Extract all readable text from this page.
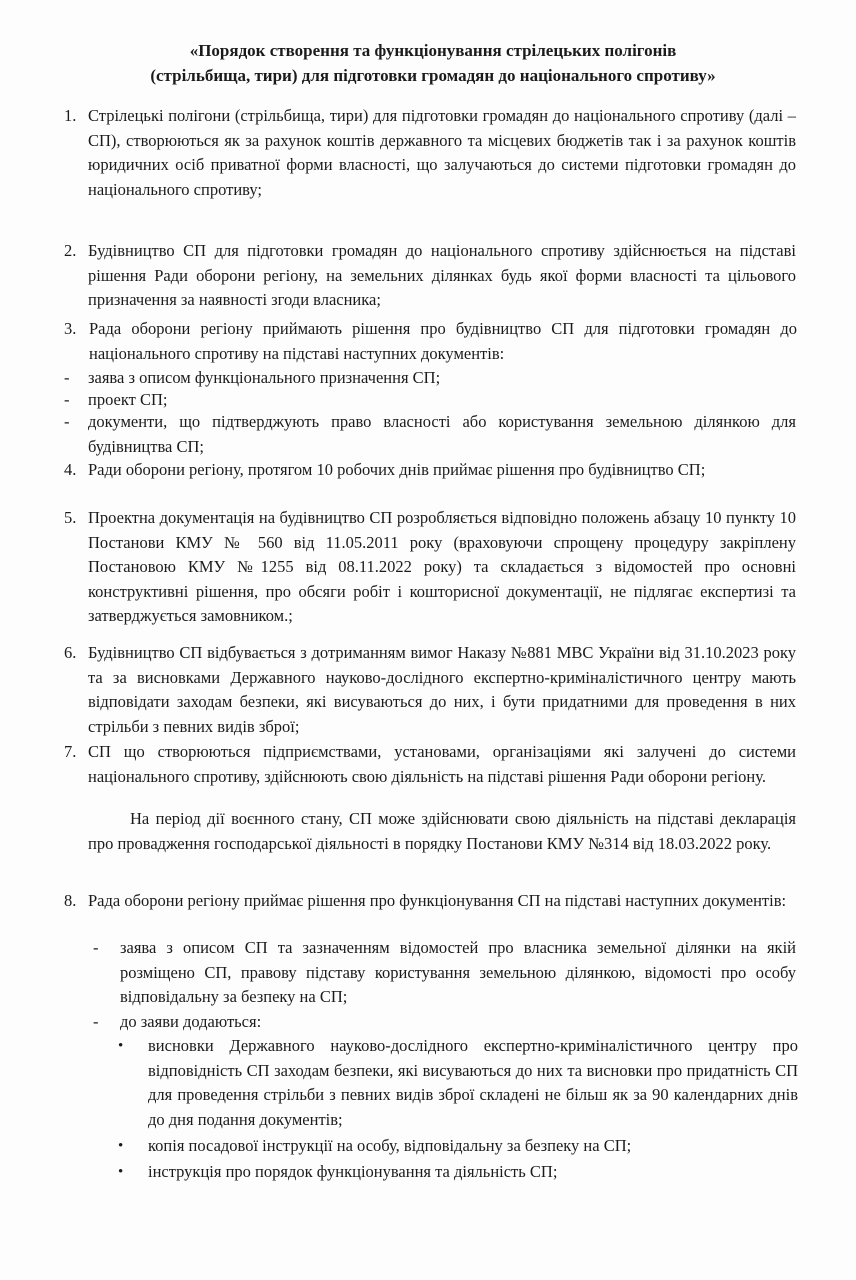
«Порядок створення та функціонування стрілецьких полігонів
(стрільбища, тири) для підготовки громадян до національного спротиву»
1. Стрілецькі полігони (стрільбища, тири) для підготовки громадян до національного спротиву (далі – СП), створюються як за рахунок коштів державного та місцевих бюджетів так і за рахунок коштів юридичних осіб приватної форми власності, що залучаються до системи підготовки громадян до національного спротиву;
2. Будівництво СП для підготовки громадян до національного спротиву здійснюється на підставі рішення Ради оборони регіону, на земельних ділянках будь якої форми власності та цільового призначення за наявності згоди власника;
3. Рада оборони регіону приймають рішення про будівництво СП для підготовки громадян до національного спротиву на підставі наступних документів:
- заява з описом функціонального призначення СП;
- проект СП;
- документи, що підтверджують право власності або користування земельною ділянкою для будівництва СП;
4. Ради оборони регіону, протягом 10 робочих днів приймає рішення про будівництво СП;
5. Проектна документація на будівництво СП розробляється відповідно положень абзацу 10 пункту 10 Постанови КМУ № 560 від 11.05.2011 року (враховуючи спрощену процедуру закріплену Постановою КМУ №1255 від 08.11.2022 року) та складається з відомостей про основні конструктивні рішення, про обсяги робіт і кошторисної документації, не підлягає експертизі та затверджується замовником.;
6. Будівництво СП відбувається з дотриманням вимог Наказу №881 МВС України від 31.10.2023 року та за висновками Державного науково-дослідного експертно-криміналістичного центру мають відповідати заходам безпеки, які висуваються до них, і бути придатними для проведення в них стрільби з певних видів зброї;
7. СП що створюються підприємствами, установами, організаціями які залучені до системи національного спротиву, здійснюють свою діяльність на підставі рішення Ради оборони регіону.
На період дії воєнного стану, СП може здійснювати свою діяльність на підставі декларація про провадження господарської діяльності в порядку Постанови КМУ №314 від 18.03.2022 року.
8. Рада оборони регіону приймає рішення про функціонування СП на підставі наступних документів:
- заява з описом СП та зазначенням відомостей про власника земельної ділянки на якій розміщено СП, правову підставу користування земельною ділянкою, відомості про особу відповідальну за безпеку на СП;
- до заяви додаються:
• висновки Державного науково-дослідного експертно-криміналістичного центру про відповідність СП заходам безпеки, які висуваються до них та висновки про придатність СП для проведення стрільби з певних видів зброї складені не більш як за 90 календарних днів до дня подання документів;
• копія посадової інструкції на особу, відповідальну за безпеку на СП;
• інструкція про порядок функціонування та діяльність СП;
